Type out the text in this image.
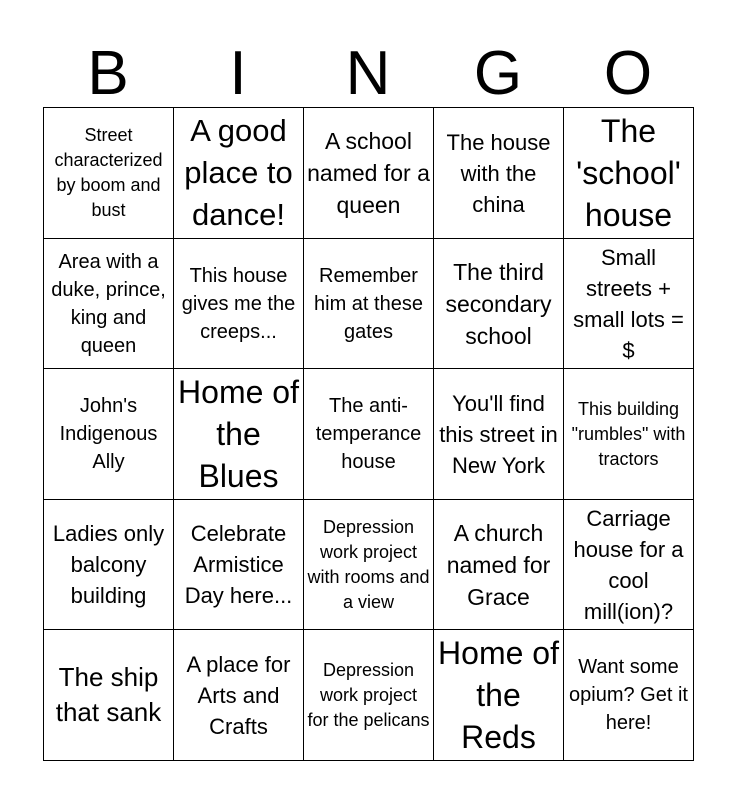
B	I	N	G	O
Street characterized by boom and bust	A good place to dance!	A school named for a queen	The house with the china	The 'school' house
Area with a duke, prince, king and queen	This house gives me the creeps...	Remember him at these gates	The third secondary school	Small streets + small lots = $
John's Indigenous Ally	Home of the Blues	The anti-temperance house	You'll find this street in New York	This building "rumbles" with tractors
Ladies only balcony building	Celebrate Armistice Day here...	Depression work project with rooms and a view	A church named for Grace	Carriage house for a cool mill(ion)?
The ship that sank	A place for Arts and Crafts	Depression work project for the pelicans	Home of the Reds	Want some opium? Get it here!
